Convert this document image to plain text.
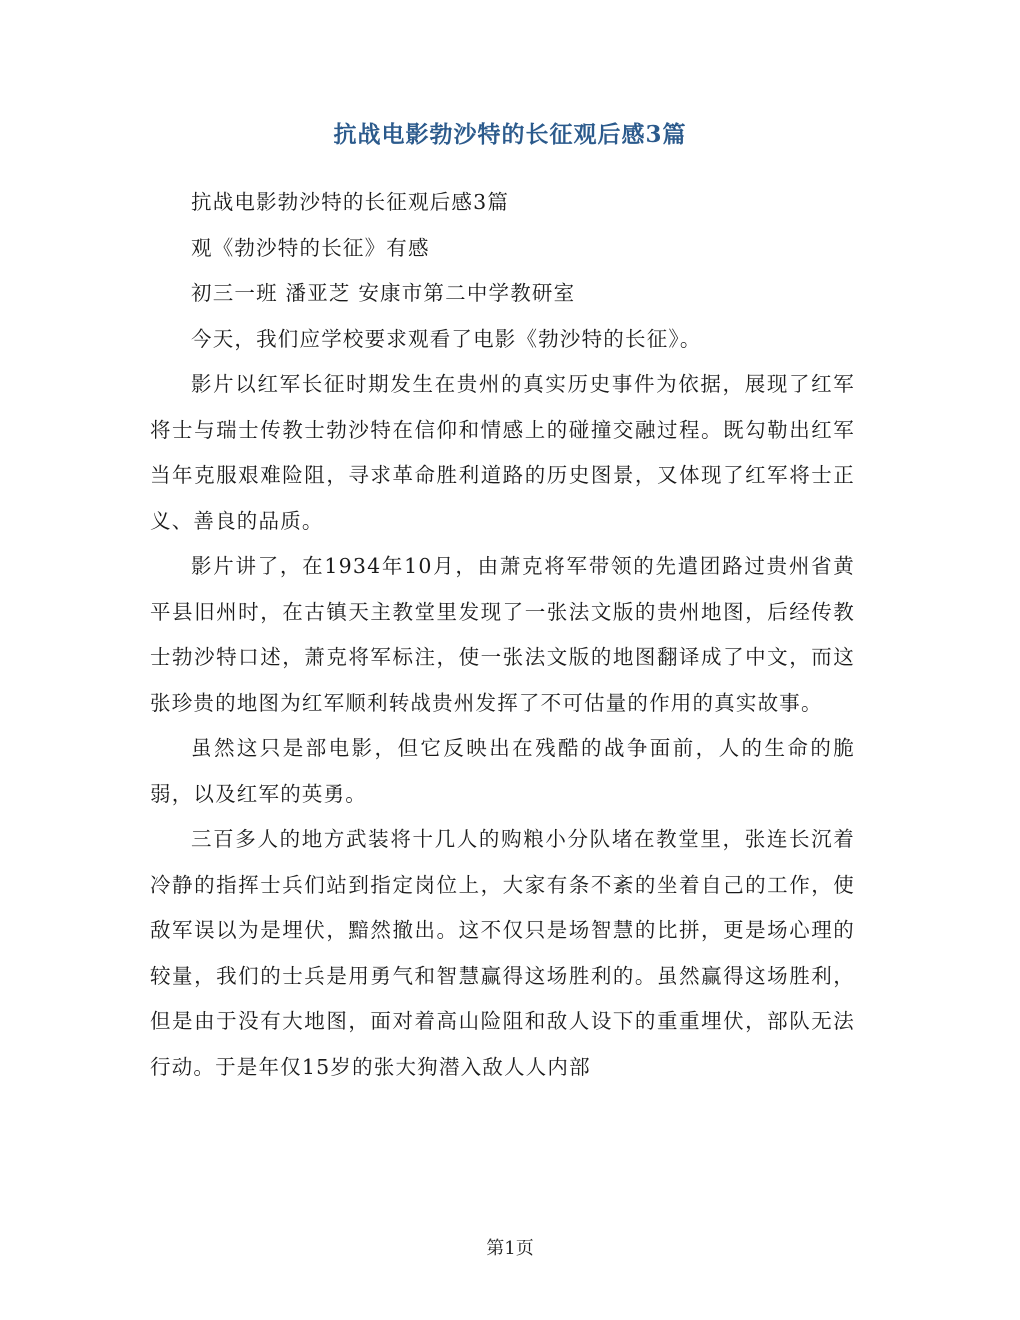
抗战电影勃沙特的长征观后感3篇

抗战电影勃沙特的长征观后感3篇

观《勃沙特的长征》有感

初三一班 潘亚芝 安康市第二中学教研室

今天，我们应学校要求观看了电影《勃沙特的长征》。

影片以红军长征时期发生在贵州的真实历史事件为依据，展现了红军将士与瑞士传教士勃沙特在信仰和情感上的碰撞交融过程。既勾勒出红军当年克服艰难险阻，寻求革命胜利道路的历史图景，又体现了红军将士正义、善良的品质。

影片讲了，在1934年10月，由萧克将军带领的先遣团路过贵州省黄平县旧州时，在古镇天主教堂里发现了一张法文版的贵州地图，后经传教士勃沙特口述，萧克将军标注，使一张法文版的地图翻译成了中文，而这张珍贵的地图为红军顺利转战贵州发挥了不可估量的作用的真实故事。

虽然这只是部电影，但它反映出在残酷的战争面前，人的生命的脆弱，以及红军的英勇。

三百多人的地方武装将十几人的购粮小分队堵在教堂里，张连长沉着冷静的指挥士兵们站到指定岗位上，大家有条不紊的坐着自己的工作，使敌军误以为是埋伏，黯然撤出。这不仅只是场智慧的比拼，更是场心理的较量，我们的士兵是用勇气和智慧赢得这场胜利的。虽然赢得这场胜利，但是由于没有大地图，面对着高山险阻和敌人设下的重重埋伏，部队无法行动。于是年仅15岁的张大狗潜入敌人人内部

第1页
